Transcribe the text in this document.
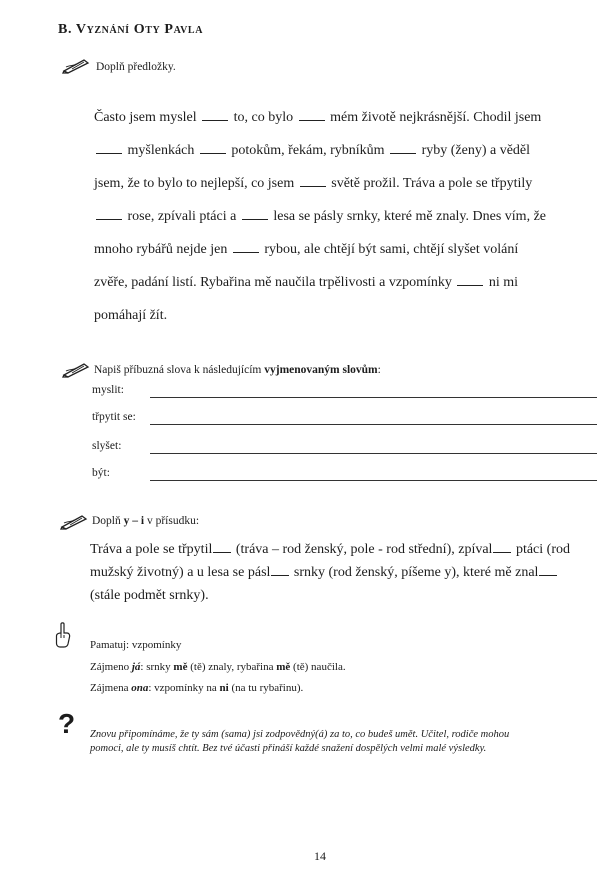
B. Vyznání Oty Pavla
Doplň předložky.
Často jsem myslel  to, co bylo  mém životě nejkrásnější. Chodil jsem
myšlenkách  potokům, řekám, rybníkům  ryby (ženy) a věděl
jsem, že to bylo to nejlepší, co jsem  světě prožil. Tráva a pole se třpytily
rose, zpívali ptáci a  lesa se pásly srnky, které mě znaly. Dnes vím, že
mnoho rybářů nejde jen  rybou, ale chtějí být sami, chtějí slyšet volání
zvěře, padání listí. Rybařina mě naučila trpělivosti a vzpomínky  ni mi
pomáhají žít.
Napiš příbuzná slova k následujícím vyjmenovaným slovům:
myslit:
třpytit se:
slyšet:
být:
Doplň y – i v přísudku:
Tráva a pole se třpytil (tráva – rod ženský, pole - rod střední), zpíval ptáci (rod
mužský životný) a u lesa se pásl srnky (rod ženský, píšeme y), které mě znal
(stále podmět srnky).
Pamatuj: vzpomínky
Zájmeno já: srnky mě (tě) znaly, rybařina mě (tě) naučila.
Zájmena ona: vzpomínky na ni (na tu rybařinu).
? Znovu připomínáme, že ty sám (sama) jsi zodpovědný(á) za to, co budeš umět. Učitel, rodiče mohou
pomoci, ale ty musíš chtít. Bez tvé účasti přináší každé snažení dospělých velmi malé výsledky.
14
